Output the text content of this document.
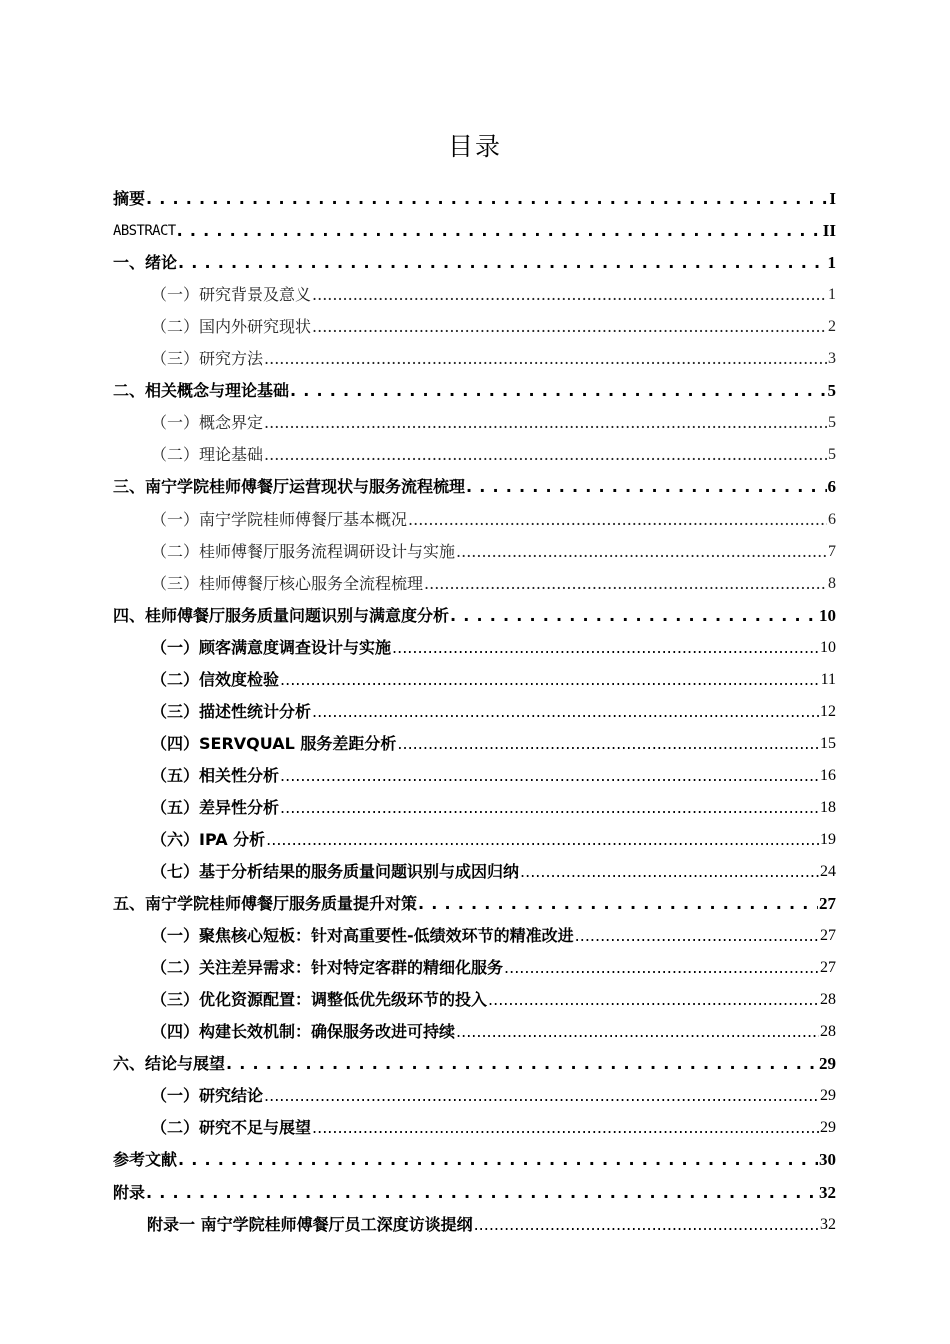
目录
摘要 . . .	I
ABSTRACT . . .	II
一、绪论 . . .	1
（一）研究背景及意义 .....	1
（二）国内外研究现状 .....	2
（三）研究方法 .....	3
二、相关概念与理论基础 . . .	5
（一）概念界定 .....	5
（二）理论基础 .....	5
三、南宁学院桂师傅餐厅运营现状与服务流程梳理 . . .	6
（一）南宁学院桂师傅餐厅基本概况 .....	6
（二）桂师傅餐厅服务流程调研设计与实施 .....	7
（三）桂师傅餐厅核心服务全流程梳理 .....	8
四、桂师傅餐厅服务质量问题识别与满意度分析 . . .	10
（一）顾客满意度调查设计与实施 .....	10
（二）信效度检验 .....	11
（三）描述性统计分析 .....	12
（四）SERVQUAL 服务差距分析 .....	15
（五）相关性分析 .....	16
（五）差异性分析 .....	18
（六）IPA 分析 .....	19
（七）基于分析结果的服务质量问题识别与成因归纳 .....	24
五、南宁学院桂师傅餐厅服务质量提升对策 . . .	27
（一）聚焦核心短板：针对高重要性-低绩效环节的精准改进 .....	27
（二）关注差异需求：针对特定客群的精细化服务 .....	27
（三）优化资源配置：调整低优先级环节的投入 .....	28
（四）构建长效机制：确保服务改进可持续 .....	28
六、结论与展望 . . .	29
（一）研究结论 .....	29
（二）研究不足与展望 .....	29
参考文献 . . .	30
附录 . . .	32
附录一 南宁学院桂师傅餐厅员工深度访谈提纲 .....	32
